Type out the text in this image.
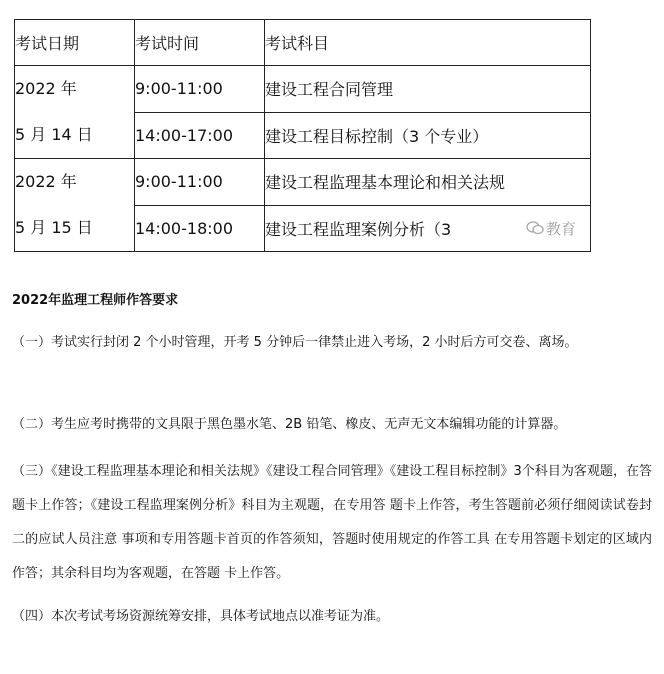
考试日期	考试时间	考试科目

2022 年
5 月 14 日	9:00-11:00	建设工程合同管理
	14:00-17:00	建设工程目标控制（3 个专业）

2022 年
5 月 15 日	9:00-11:00	建设工程监理基本理论和相关法规
	14:00-18:00	建设工程监理案例分析（3 教育
2022年监理工程师作答要求
（一）考试实行封闭 2 个小时管理，开考 5 分钟后一律禁止进入考场，2 小时后方可交卷、离场。
（二）考生应考时携带的文具限于黑色墨水笔、2B 铅笔、橡皮、无声无文本编辑功能的计算器。
（三）《建设工程监理基本理论和相关法规》《建设工程合同管理》《建设工程目标控制》3个科目为客观题，在答题卡上作答；《建设工程监理案例分析》科目为主观题，在专用答 题卡上作答，考生答题前必须仔细阅读试卷封二的应试人员注意 事项和专用答题卡首页的作答须知，答题时使用规定的作答工具 在专用答题卡划定的区域内作答；其余科目均为客观题，在答题 卡上作答。
（四）本次考试考场资源统筹安排，具体考试地点以准考证为准。
